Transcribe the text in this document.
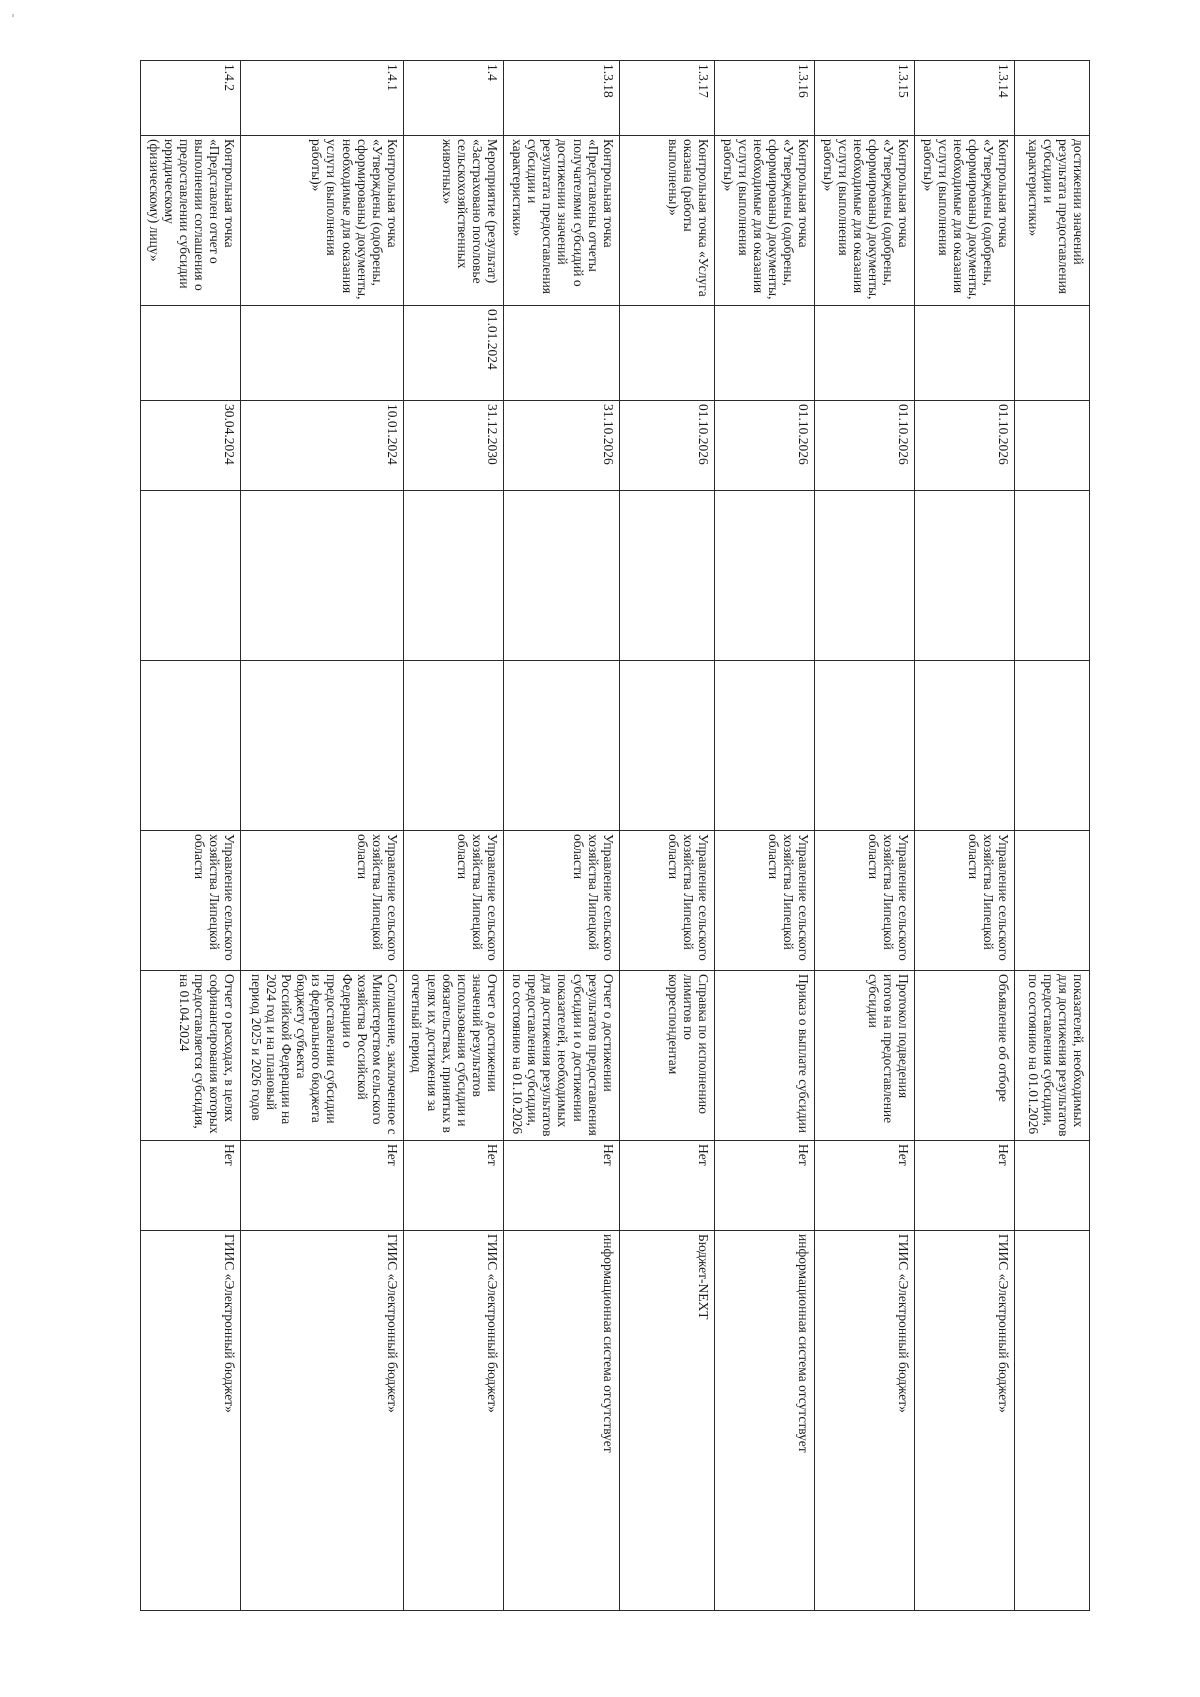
	достижении значений результата предоставления субсидии и характеристики»						показателей, необходимых для достижения результатов предоставления субсидии, по состоянию на 01.01.2026		
1.3.14	Контрольная точка «Утверждены (одобрены, сформированы) документы, необходимые для оказания услуги (выполнения работы)»		01.10.2026			Управление сельского хозяйства Липецкой области	Объявление об отборе	Нет	ГИИС «Электронный бюджет»
1.3.15	Контрольная точка «Утверждены (одобрены, сформированы) документы, необходимые для оказания услуги (выполнения работы)»		01.10.2026			Управление сельского хозяйства Липецкой области	Протокол подведения итогов на предоставление субсидии	Нет	ГИИС «Электронный бюджет»
1.3.16	Контрольная точка «Утверждены (одобрены, сформированы) документы, необходимые для оказания услуги (выполнения работы)»		01.10.2026			Управление сельского хозяйства Липецкой области	Приказ о выплате субсидии	Нет	информационная система отсутствует
1.3.17	Контрольная точка «Услуга оказана (работы выполнены)»		01.10.2026			Управление сельского хозяйства Липецкой области	Справка по исполнению лимитов по корреспондентам	Нет	Бюджет-NEXT
1.3.18	Контрольная точка «Представлены отчеты получателями субсидий о достижении значений результата предоставления субсидии и характеристики»		31.10.2026			Управление сельского хозяйства Липецкой области	Отчет о достижении результатов предоставления субсидии и о достижении показателей, необходимых для достижения результатов предоставления субсидии, по состоянию на 01.10.2026	Нет	информационная система отсутствует
1.4	Мероприятие (результат) «Застраховано поголовье сельскохозяйственных животных»	01.01.2024	31.12.2030			Управление сельского хозяйства Липецкой области	Отчет о достижении значений результатов использования субсидии и обязательствах, принятых в целях их достижения за отчетный период	Нет	ГИИС «Электронный бюджет»
1.4.1	Контрольная точка «Утверждены (одобрены, сформированы) документы, необходимые для оказания услуги (выполнения работы)»		10.01.2024			Управление сельского хозяйства Липецкой области	Соглашение, заключенное с Министерством сельского хозяйства Российской Федерации о предоставлении субсидии из федерального бюджета бюджету субъекта Российской Федерации на 2024 год и на плановый период 2025 и 2026 годов	Нет	ГИИС «Электронный бюджет»
1.4.2	Контрольная точка «Представлен отчет о выполнении соглашения о предоставлении субсидии юридическому (физическому) лицу»		30.04.2024			Управление сельского хозяйства Липецкой области	Отчет о расходах, в целях софинансирования которых предоставляется субсидия, на 01.04.2024	Нет	ГИИС «Электронный бюджет»
